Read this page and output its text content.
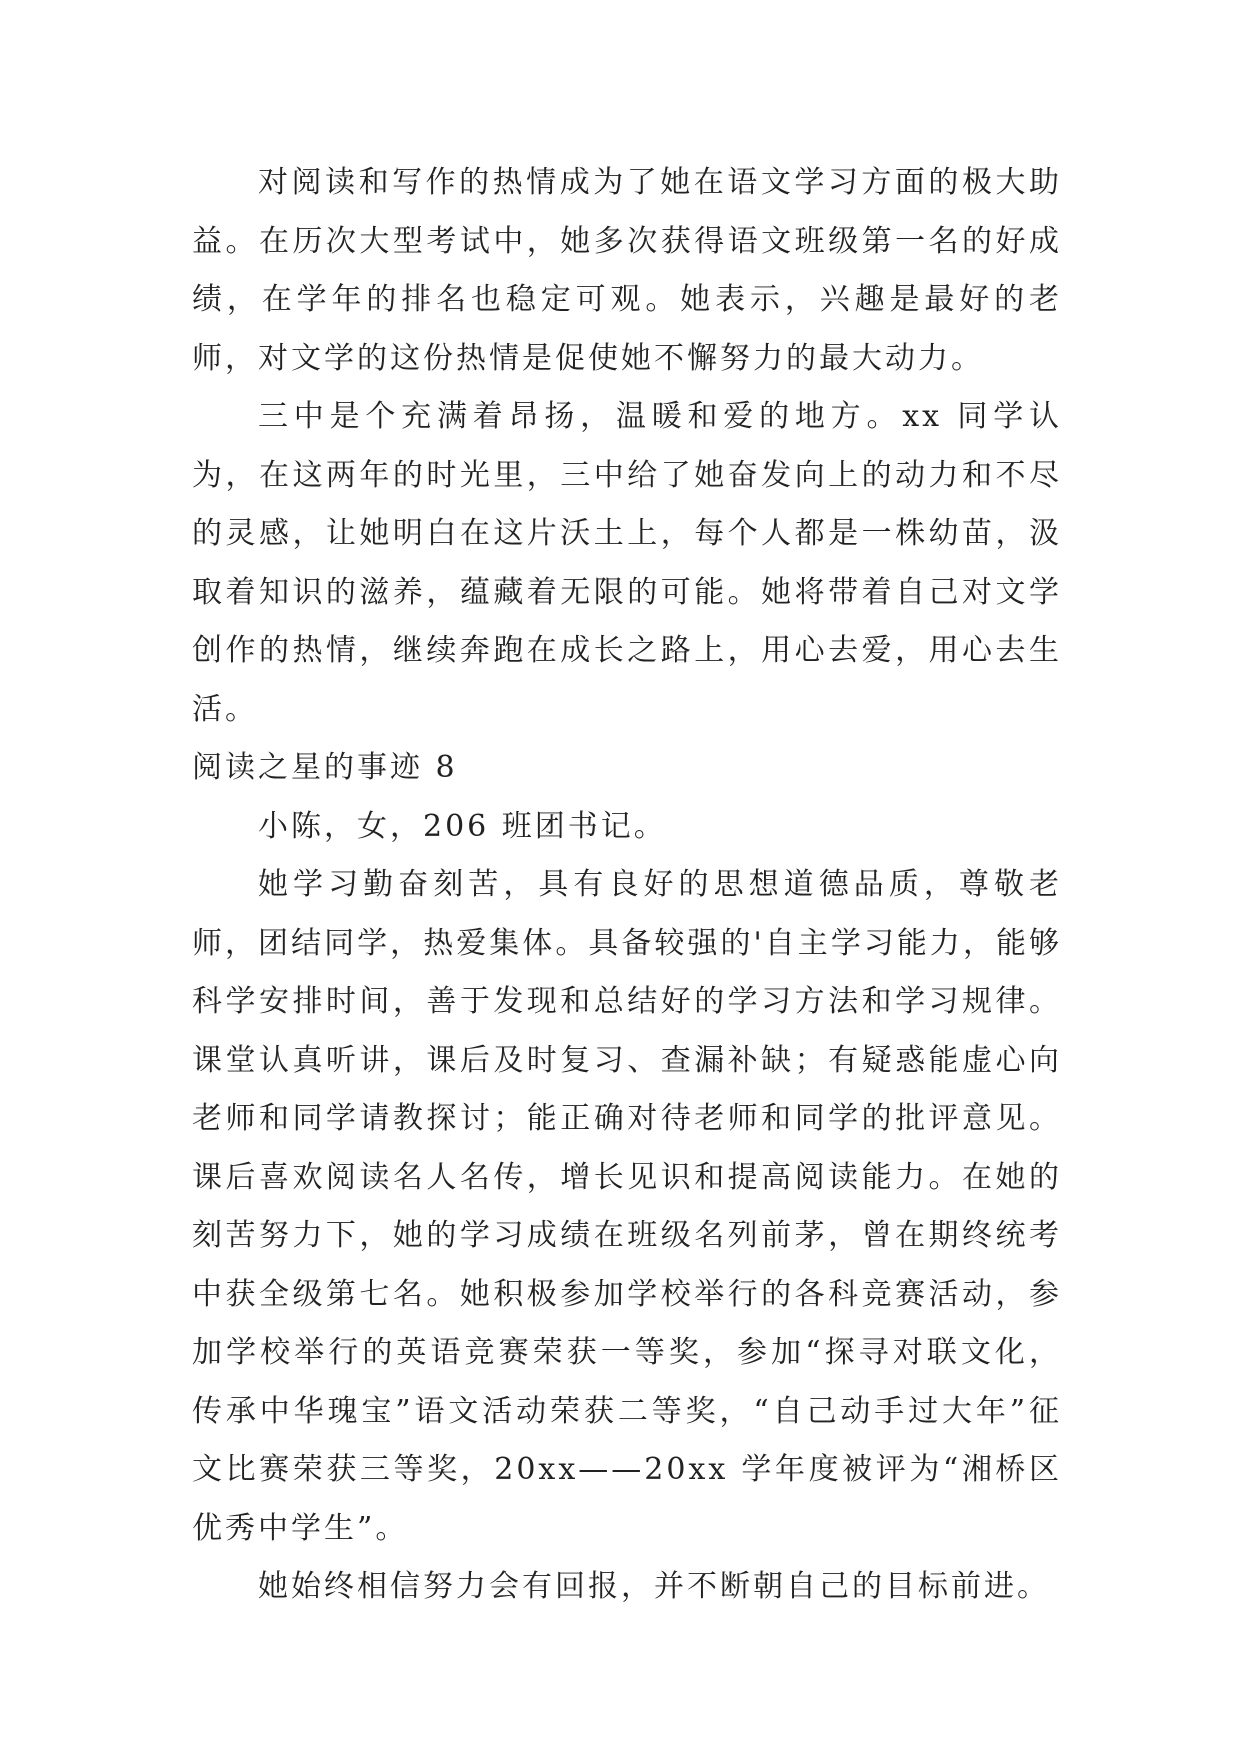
对阅读和写作的热情成为了她在语文学习方面的极大助益。在历次大型考试中，她多次获得语文班级第一名的好成绩，在学年的排名也稳定可观。她表示，兴趣是最好的老师，对文学的这份热情是促使她不懈努力的最大动力。

三中是个充满着昂扬，温暖和爱的地方。xx 同学认为，在这两年的时光里，三中给了她奋发向上的动力和不尽的灵感，让她明白在这片沃土上，每个人都是一株幼苗，汲取着知识的滋养，蕴藏着无限的可能。她将带着自己对文学创作的热情，继续奔跑在成长之路上，用心去爱，用心去生活。

阅读之星的事迹 8

小陈，女，206 班团书记。

她学习勤奋刻苦，具有良好的思想道德品质，尊敬老师，团结同学，热爱集体。具备较强的'自主学习能力，能够科学安排时间，善于发现和总结好的学习方法和学习规律。课堂认真听讲，课后及时复习、查漏补缺；有疑惑能虚心向老师和同学请教探讨；能正确对待老师和同学的批评意见。课后喜欢阅读名人名传，增长见识和提高阅读能力。在她的刻苦努力下，她的学习成绩在班级名列前茅，曾在期终统考中获全级第七名。她积极参加学校举行的各科竞赛活动，参加学校举行的英语竞赛荣获一等奖，参加“探寻对联文化，传承中华瑰宝”语文活动荣获二等奖，“自己动手过大年”征文比赛荣获三等奖，20xx——20xx 学年度被评为“湘桥区优秀中学生”。

她始终相信努力会有回报，并不断朝自己的目标前进。
